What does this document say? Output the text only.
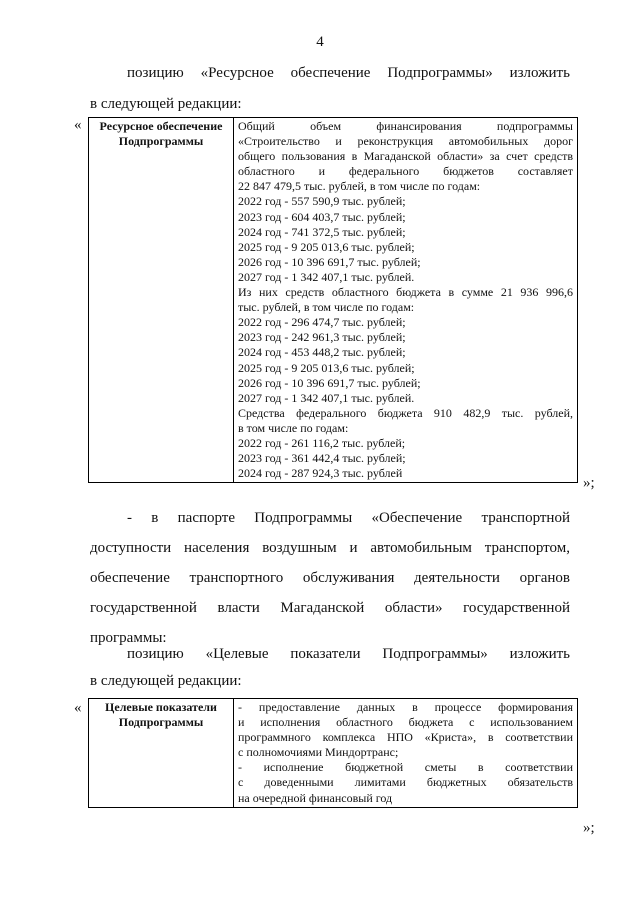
4
позицию «Ресурсное обеспечение Подпрограммы» изложить
в следующей редакции:
«	Ресурсное обеспечение
Подпрограммы

Общий объем финансирования подпрограммы
«Строительство и реконструкция автомобильных дорог
общего пользования в Магаданской области» за счет средств
областного и федерального бюджетов составляет
22 847 479,5 тыс. рублей, в том числе по годам:
2022 год - 557 590,9 тыс. рублей;
2023 год - 604 403,7 тыс. рублей;
2024 год - 741 372,5 тыс. рублей;
2025 год - 9 205 013,6 тыс. рублей;
2026 год - 10 396 691,7 тыс. рублей;
2027 год - 1 342 407,1 тыс. рублей.
Из них средств областного бюджета в сумме 21 936 996,6
тыс. рублей, в том числе по годам:
2022 год - 296 474,7 тыс. рублей;
2023 год - 242 961,3 тыс. рублей;
2024 год - 453 448,2 тыс. рублей;
2025 год - 9 205 013,6 тыс. рублей;
2026 год - 10 396 691,7 тыс. рублей;
2027 год - 1 342 407,1 тыс. рублей.
Средства федерального бюджета 910 482,9 тыс. рублей,
в том числе по годам:
2022 год - 261 116,2 тыс. рублей;
2023 год - 361 442,4 тыс. рублей;
2024 год - 287 924,3 тыс. рублей
»;
- в паспорте Подпрограммы «Обеспечение транспортной
доступности населения воздушным и автомобильным транспортом,
обеспечение транспортного обслуживания деятельности органов
государственной власти Магаданской области» государственной
программы:
позицию «Целевые показатели Подпрограммы» изложить
в следующей редакции:
«	Целевые показатели
Подпрограммы

- предоставление данных в процессе формирования
и исполнения областного бюджета с использованием
программного комплекса НПО «Криста», в соответствии
с полномочиями Миндортранс;
- исполнение бюджетной сметы в соответствии
с доведенными лимитами бюджетных обязательств
на очередной финансовый год
»;
